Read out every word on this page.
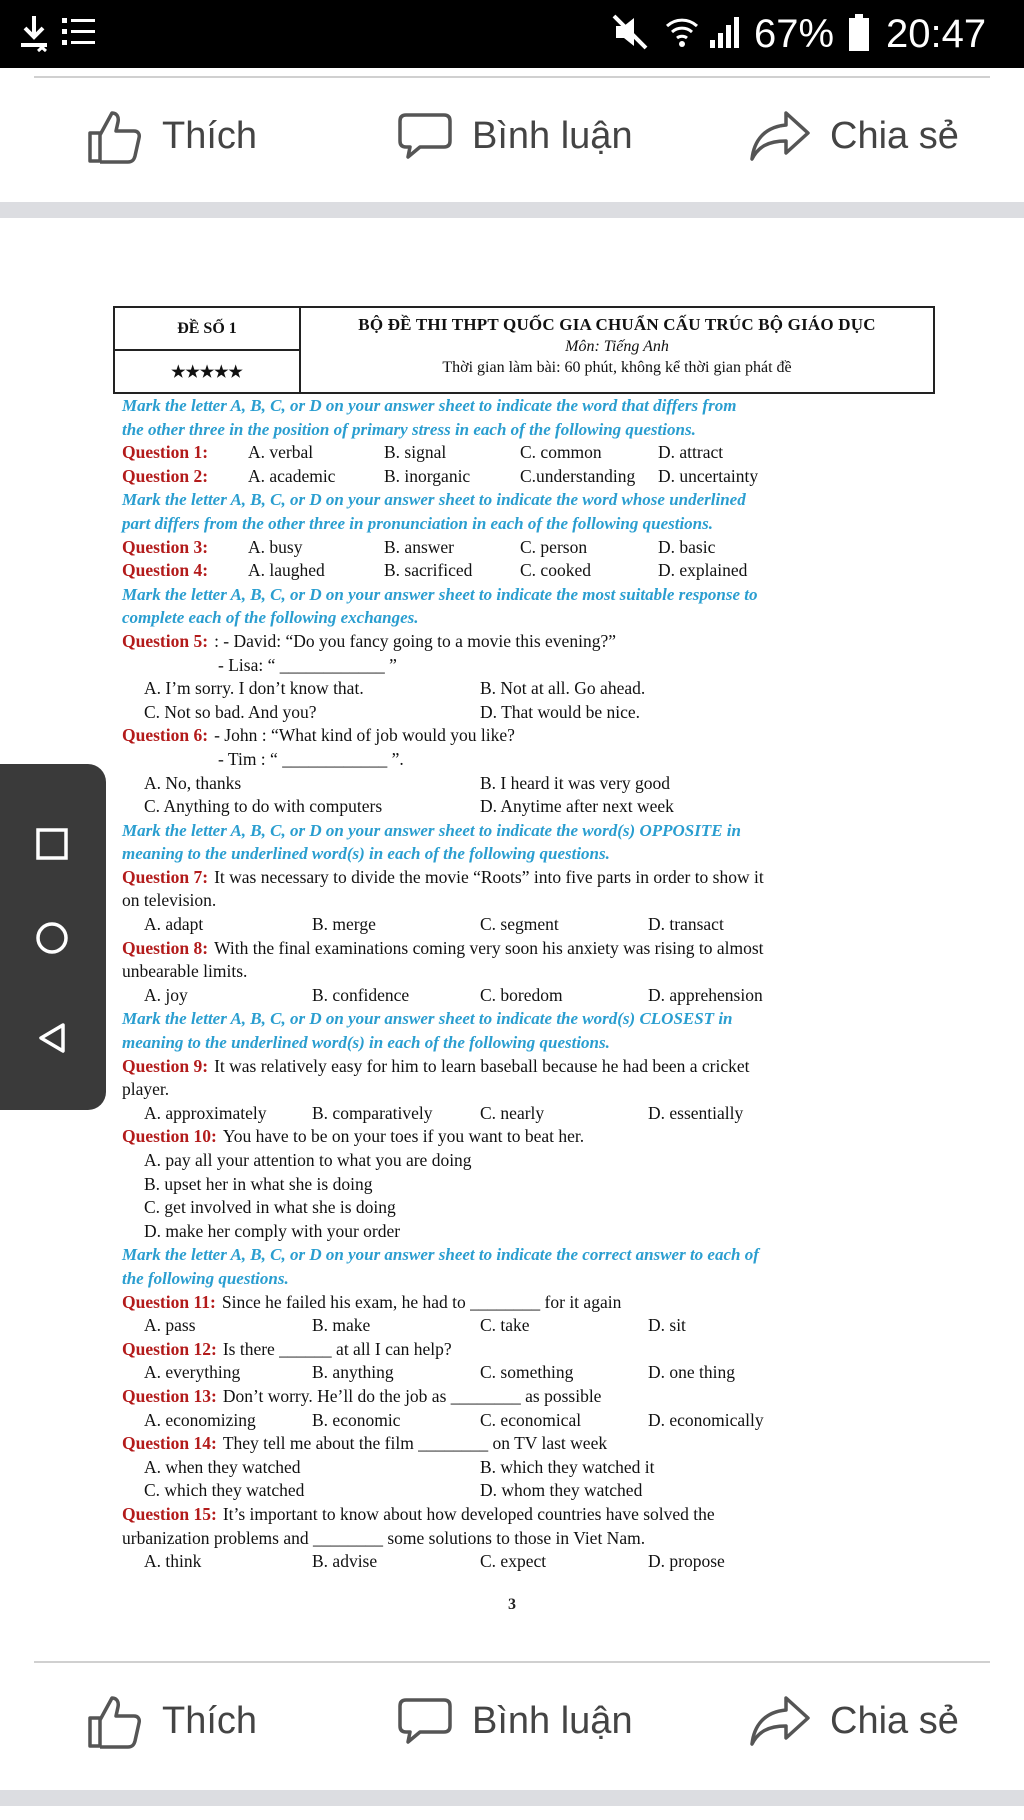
67% 20:47
Thích	Bình luận	Chia sẻ
ĐỀ SỐ 1
★★★★★
BỘ ĐỀ THI THPT QUỐC GIA CHUẨN CẤU TRÚC BỘ GIÁO DỤC
Môn: Tiếng Anh
Thời gian làm bài: 60 phút, không kể thời gian phát đề
Mark the letter A, B, C, or D on your answer sheet to indicate the word that differs from
the other three in the position of primary stress in each of the following questions.
Question 1: A. verbal	B. signal	C. common	D. attract
Question 2: A. academic	B. inorganic	C.understanding D. uncertainty
Mark the letter A, B, C, or D on your answer sheet to indicate the word whose underlined
part differs from the other three in pronunciation in each of the following questions.
Question 3: A. busy	B. answer	C. person	D. basic
Question 4: A. laughed	B. sacrificed	C. cooked	D. explained
Mark the letter A, B, C, or D on your answer sheet to indicate the most suitable response to
complete each of the following exchanges.
Question 5: : - David: “Do you fancy going to a movie this evening?”
- Lisa: “ ____________ ”
A. I’m sorry. I don’t know that.	B. Not at all. Go ahead.
C. Not so bad. And you?	D. That would be nice.
Question 6: - John : “What kind of job would you like?
- Tim : “ ____________ ”.
A. No, thanks	B. I heard it was very good
C. Anything to do with computers	D. Anytime after next week
Mark the letter A, B, C, or D on your answer sheet to indicate the word(s) OPPOSITE in
meaning to the underlined word(s) in each of the following questions.
Question 7: It was necessary to divide the movie “Roots” into five parts in order to show it
on television.
A. adapt	B. merge	C. segment	D. transact
Question 8: With the final examinations coming very soon his anxiety was rising to almost
unbearable limits.
A. joy	B. confidence	C. boredom	D. apprehension
Mark the letter A, B, C, or D on your answer sheet to indicate the word(s) CLOSEST in
meaning to the underlined word(s) in each of the following questions.
Question 9: It was relatively easy for him to learn baseball because he had been a cricket
player.
A. approximately	B. comparatively	C. nearly	D. essentially
Question 10: You have to be on your toes if you want to beat her.
A. pay all your attention to what you are doing
B. upset her in what she is doing
C. get involved in what she is doing
D. make her comply with your order
Mark the letter A, B, C, or D on your answer sheet to indicate the correct answer to each of
the following questions.
Question 11: Since he failed his exam, he had to ________ for it again
A. pass	B. make	C. take	D. sit
Question 12: Is there ______ at all I can help?
A. everything	B. anything	C. something	D. one thing
Question 13: Don’t worry. He’ll do the job as ________ as possible
A. economizing	B. economic	C. economical	D. economically
Question 14: They tell me about the film ________ on TV last week
A. when they watched	B. which they watched it
C. which they watched	D. whom they watched
Question 15: It’s important to know about how developed countries have solved the
urbanization problems and ________ some solutions to those in Viet Nam.
A. think	B. advise	C. expect	D. propose
3
Thích	Bình luận	Chia sẻ
